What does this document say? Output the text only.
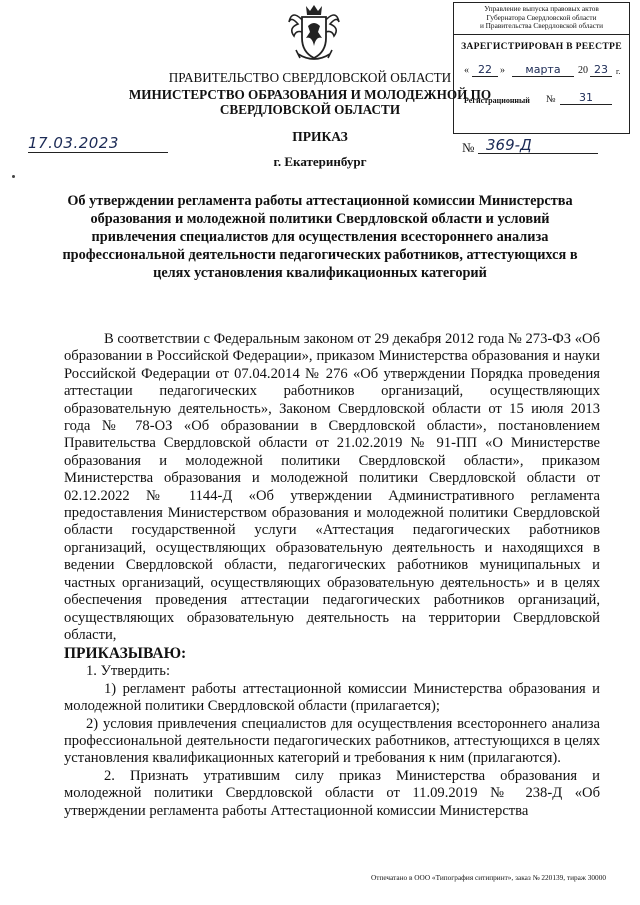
Управление выпуска правовых актов
Губернатора Свердловской области
и Правительства Свердловской области
ЗАРЕГИСТРИРОВАН В РЕЕСТРЕ
« 22 »	марта	20 23	г.
Регистрационный №	31
ПРАВИТЕЛЬСТВО СВЕРДЛОВСКОЙ ОБЛАСТИ
МИНИСТЕРСТВО ОБРАЗОВАНИЯ И МОЛОДЕЖНОЙ ПО
СВЕРДЛОВСКОЙ ОБЛАСТИ
ПРИКАЗ
17.03.2023	№ 369-Д
г. Екатеринбург
Об утверждении регламента работы аттестационной комиссии Министерства образования и молодежной политики Свердловской области и условий привлечения специалистов для осуществления всестороннего анализа профессиональной деятельности педагогических работников, аттестующихся в целях установления квалификационных категорий

В соответствии с Федеральным законом от 29 декабря 2012 года № 273-ФЗ «Об образовании в Российской Федерации», приказом Министерства образования и науки Российской Федерации от 07.04.2014 № 276 «Об утверждении Порядка проведения аттестации педагогических работников организаций, осуществляющих образовательную деятельность», Законом Свердловской области от 15 июля 2013 года № 78-ОЗ «Об образовании в Свердловской области», постановлением Правительства Свердловской области от 21.02.2019 № 91-ПП «О Министерстве образования и молодежной политики Свердловской области», приказом Министерства образования и молодежной политики Свердловской области от 02.12.2022 № 1144-Д «Об утверждении Административного регламента предоставления Министерством образования и молодежной политики Свердловской области государственной услуги «Аттестация педагогических работников организаций, осуществляющих образовательную деятельность и находящихся в ведении Свердловской области, педагогических работников муниципальных и частных организаций, осуществляющих образовательную деятельность» и в целях обеспечения проведения аттестации педагогических работников организаций, осуществляющих образовательную деятельность на территории Свердловской области,

ПРИКАЗЫВАЮ:

1. Утвердить:

1) регламент работы аттестационной комиссии Министерства образования и молодежной политики Свердловской области (прилагается);

2) условия привлечения специалистов для осуществления всестороннего анализа профессиональной деятельности педагогических работников, аттестующихся в целях установления квалификационных категорий и требования к ним (прилагаются).

2. Признать утратившим силу приказ Министерства образования и молодежной политики Свердловской области от 11.09.2019 № 238-Д «Об утверждении регламента работы Аттестационной комиссии Министерства

Отпечатано в ООО «Типография ситипринт», заказ № 220139, тираж 30000
